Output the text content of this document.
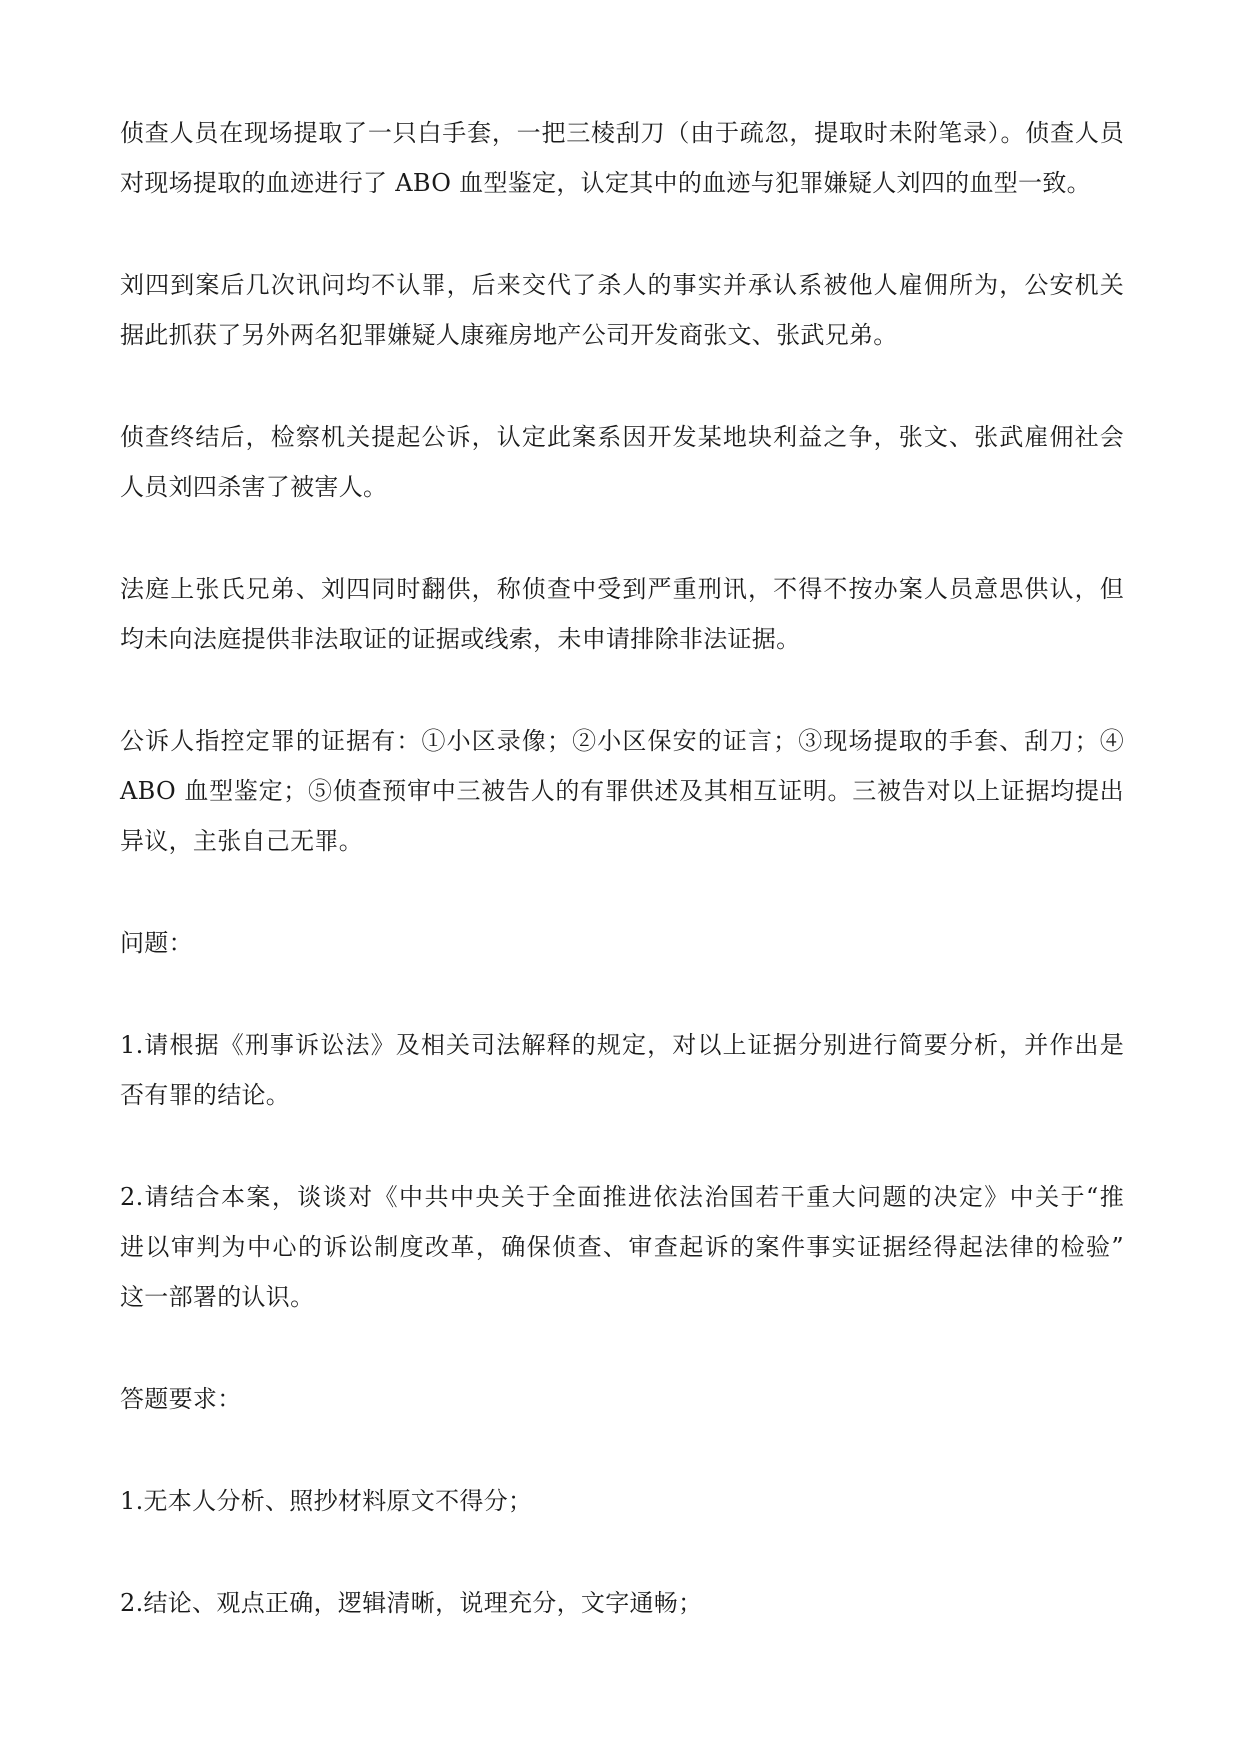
侦查人员在现场提取了一只白手套，一把三棱刮刀（由于疏忽，提取时未附笔录）。侦查人员
对现场提取的血迹进行了 ABO 血型鉴定，认定其中的血迹与犯罪嫌疑人刘四的血型一致。

刘四到案后几次讯问均不认罪，后来交代了杀人的事实并承认系被他人雇佣所为，公安机关
据此抓获了另外两名犯罪嫌疑人康雍房地产公司开发商张文、张武兄弟。

侦查终结后，检察机关提起公诉，认定此案系因开发某地块利益之争，张文、张武雇佣社会
人员刘四杀害了被害人。

法庭上张氏兄弟、刘四同时翻供，称侦查中受到严重刑讯，不得不按办案人员意思供认，但
均未向法庭提供非法取证的证据或线索，未申请排除非法证据。

公诉人指控定罪的证据有：①小区录像；②小区保安的证言；③现场提取的手套、刮刀；④
ABO 血型鉴定；⑤侦查预审中三被告人的有罪供述及其相互证明。三被告对以上证据均提出
异议，主张自己无罪。

问题：

1.请根据《刑事诉讼法》及相关司法解释的规定，对以上证据分别进行简要分析，并作出是
否有罪的结论。

2.请结合本案，谈谈对《中共中央关于全面推进依法治国若干重大问题的决定》中关于“推
进以审判为中心的诉讼制度改革，确保侦查、审查起诉的案件事实证据经得起法律的检验”
这一部署的认识。

答题要求：

1.无本人分析、照抄材料原文不得分；

2.结论、观点正确，逻辑清晰，说理充分，文字通畅；
